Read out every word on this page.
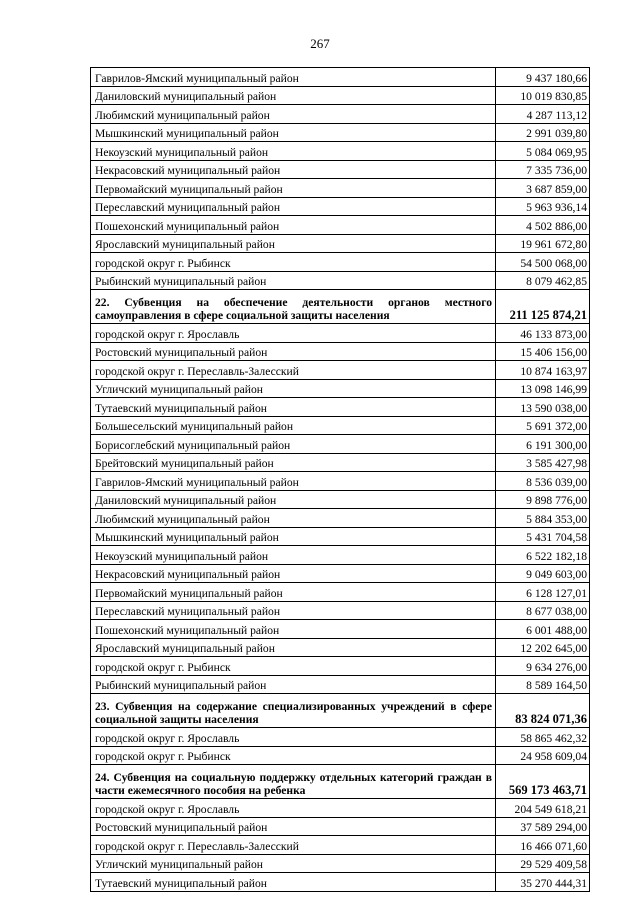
267
Гаврилов-Ямский муниципальный район	9 437 180,66
Даниловский муниципальный район	10 019 830,85
Любимский муниципальный район	4 287 113,12
Мышкинский муниципальный район	2 991 039,80
Некоузский муниципальный район	5 084 069,95
Некрасовский муниципальный район	7 335 736,00
Первомайский муниципальный район	3 687 859,00
Переславский муниципальный район	5 963 936,14
Пошехонский муниципальный район	4 502 886,00
Ярославский муниципальный район	19 961 672,80
городской округ г. Рыбинск	54 500 068,00
Рыбинский муниципальный район	8 079 462,85
22. Субвенция на обеспечение деятельности органов местного самоуправления в сфере социальной защиты населения	211 125 874,21
городской округ г. Ярославль	46 133 873,00
Ростовский муниципальный район	15 406 156,00
городской округ г. Переславль-Залесский	10 874 163,97
Угличский муниципальный район	13 098 146,99
Тутаевский муниципальный район	13 590 038,00
Большесельский муниципальный район	5 691 372,00
Борисоглебский муниципальный район	6 191 300,00
Брейтовский муниципальный район	3 585 427,98
Гаврилов-Ямский муниципальный район	8 536 039,00
Даниловский муниципальный район	9 898 776,00
Любимский муниципальный район	5 884 353,00
Мышкинский муниципальный район	5 431 704,58
Некоузский муниципальный район	6 522 182,18
Некрасовский муниципальный район	9 049 603,00
Первомайский муниципальный район	6 128 127,01
Переславский муниципальный район	8 677 038,00
Пошехонский муниципальный район	6 001 488,00
Ярославский муниципальный район	12 202 645,00
городской округ г. Рыбинск	9 634 276,00
Рыбинский муниципальный район	8 589 164,50
23. Субвенция на содержание специализированных учреждений в сфере социальной защиты населения	83 824 071,36
городской округ г. Ярославль	58 865 462,32
городской округ г. Рыбинск	24 958 609,04
24. Субвенция на социальную поддержку отдельных категорий граждан в части ежемесячного пособия на ребенка	569 173 463,71
городской округ г. Ярославль	204 549 618,21
Ростовский муниципальный район	37 589 294,00
городской округ г. Переславль-Залесский	16 466 071,60
Угличский муниципальный район	29 529 409,58
Тутаевский муниципальный район	35 270 444,31
